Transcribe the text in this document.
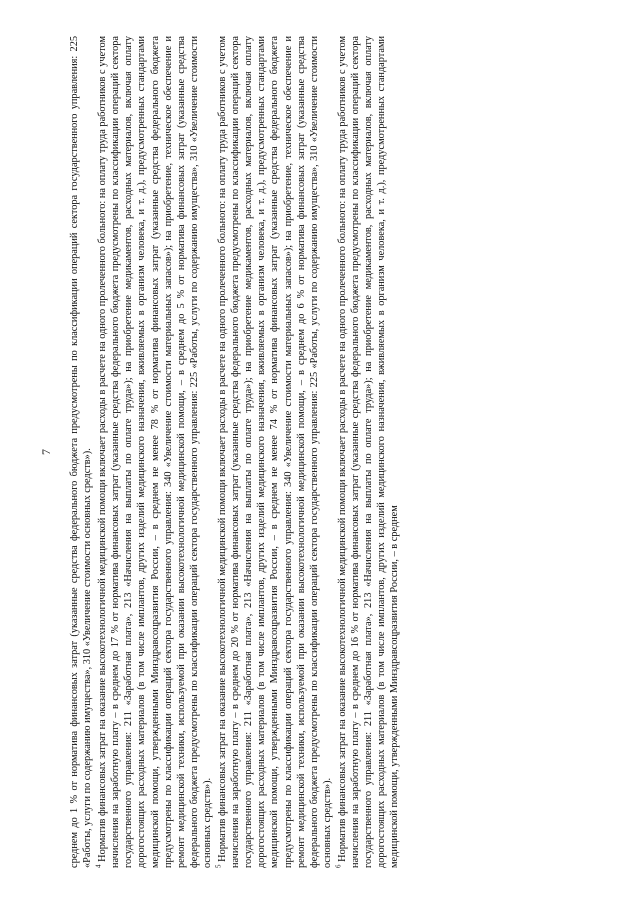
7 среднем до 1 % от норматива финансовых затрат (указанные средства федерального бюджета предусмотрены по классификации операций сектора государственного управления: 225 «Работы, услуги по содержанию имущества», 310 «Увеличение стоимости основных средств»). $^4$ Норматив финансовых затрат на оказание высокотехнологичной медицинской помощи включает расходы в расчете на одного пролеченного больного: на оплату труда работников с учетом начисления на заработную плату – в среднем до 17 % от норматива финансовых затрат (указанные средства федерального бюджета предусмотрены по классификации операций сектора государственного управления: 211 «Заработная плата», 213 «Начисления на выплаты по оплате труда»); на приобретение медикаментов, расходных материалов, включая оплату дорогостоящих расходных материалов (в том числе имплантов, других изделий медицинского назначения, вживляемых в организм человека, и т. д.), предусмотренных стандартами медицинской помощи, утвержденными Минздравсоцразвития России, – в среднем не менее 78 % от норматива финансовых затрат (указанные средства федерального бюджета предусмотрены по классификации операций сектора государственного управления: 340 «Увеличение стоимости материальных запасов»); на приобретение, техническое обеспечение и ремонт медицинской техники, используемой при оказании высокотехнологичной медицинской помощи, – в среднем до 5 % от норматива финансовых затрат (указанные средства федерального бюджета предусмотрены по классификации операций сектора государственного управления: 225 «Работы, услуги по содержанию имущества», 310 «Увеличение стоимости основных средств»). $^5$ Норматив финансовых затрат на оказание высокотехнологичной медицинской помощи включает расходы в расчете на одного пролеченного больного: на оплату труда работников с учетом начисления на заработную плату – в среднем до 20 % от норматива финансовых затрат (указанные средства федерального бюджета предусмотрены по классификации операций сектора государственного управления: 211 «Заработная плата», 213 «Начисления на выплаты по оплате труда»); на приобретение медикаментов, расходных материалов, включая оплату дорогостоящих расходных материалов (в том числе имплантов, других изделий медицинского назначения, вживляемых в организм человека, и т. д.), предусмотренных стандартами медицинской помощи, утвержденными Минздравсоцразвития России, – в среднем не менее 74 % от норматива финансовых затрат (указанные средства федерального бюджета предусмотрены по классификации операций сектора государственного управления: 340 «Увеличение стоимости материальных запасов»); на приобретение, техническое обеспечение и ремонт медицинской техники, используемой при оказании высокотехнологичной медицинской помощи, – в среднем до 6 % от норматива финансовых затрат (указанные средства федерального бюджета предусмотрены по классификации операций сектора государственного управления: 225 «Работы, услуги по содержанию имущества», 310 «Увеличение стоимости основных средств»). $^6$ Норматив финансовых затрат на оказание высокотехнологичной медицинской помощи включает расходы в расчете на одного пролеченного больного: на оплату труда работников с учетом начисления на заработную плату – в среднем до 16 % от норматива финансовых затрат (указанные средства федерального бюджета предусмотрены по классификации операций сектора государственного управления: 211 «Заработная плата», 213 «Начисления на выплаты по оплате труда»); на приобретение медикаментов, расходных материалов, включая оплату дорогостоящих расходных материалов (в том числе имплантов, других изделий медицинского назначения, вживляемых в организм человека, и т. д.), предусмотренных стандартами медицинской помощи, утвержденными Минздравсоцразвития России, – в среднем
